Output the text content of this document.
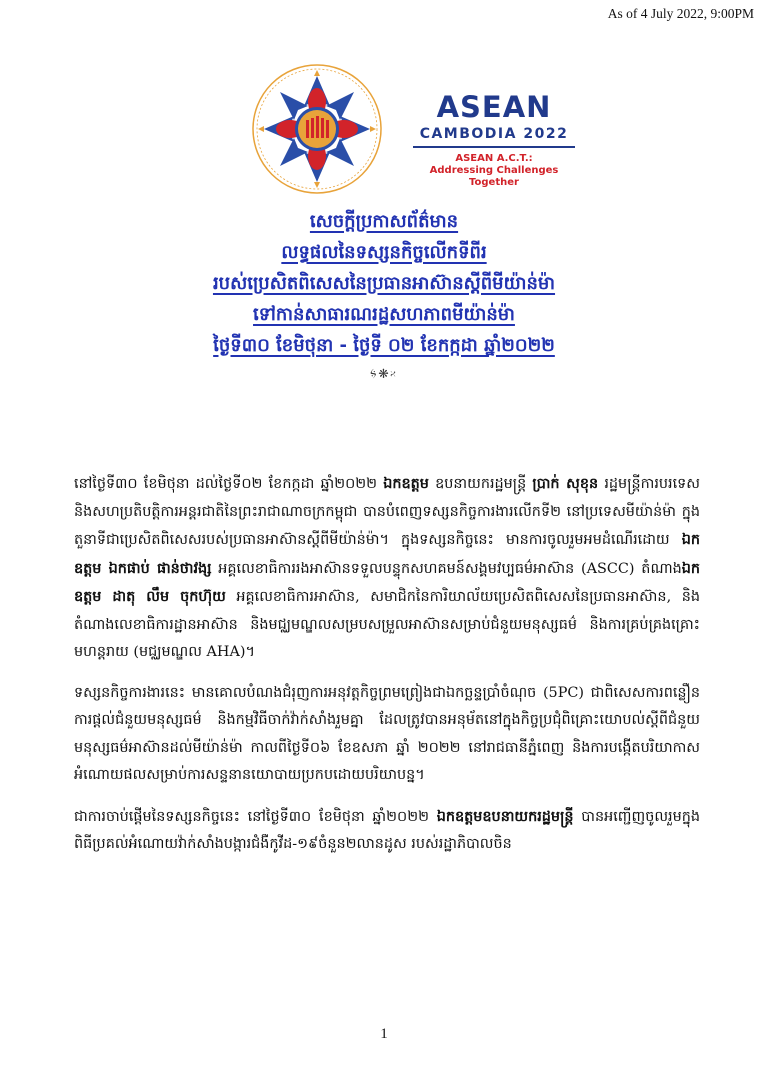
As of 4 July 2022, 9:00PM
ASEAN
CAMBODIA 2022
ASEAN A.C.T.:
Addressing Challenges Together
សេចក្តីប្រកាសព័ត៌មាន
លទ្ធផលនៃទស្សនកិច្ចលើកទីពីរ
របស់ប្រេសិតពិសេសនៃប្រធានអាស៊ានស្តីពីមីយ៉ាន់ម៉ា
ទៅកាន់សាធារណរដ្ឋសហភាពមីយ៉ាន់ម៉ា
ថ្ងៃទី៣០ ខែមិថុនា - ថ្ងៃទី ០២ ខែកក្កដា ឆ្នាំ២០២២
ᳱ❋ᳲ

នៅថ្ងៃទី៣០ ខែមិថុនា ដល់ថ្ងៃទី០២ ខែកក្កដា ឆ្នាំ២០២២ ឯកឧត្តម ឧបនាយករដ្ឋមន្ត្រី ប្រាក់ សុខុន រដ្ឋមន្ត្រីការបរទេស និងសហប្រតិបត្តិការអន្តរជាតិនៃព្រះរាជាណាចក្រកម្ពុជា បានបំពេញទស្សនកិច្ចការងារលើកទី២ នៅប្រទេសមីយ៉ាន់ម៉ា ក្នុងតួនាទីជាប្រេសិតពិសេសរបស់ប្រធានអាស៊ានស្តីពីមីយ៉ាន់ម៉ា។ ក្នុងទស្សនកិច្ចនេះ មានការចូលរួមអមដំណើរដោយ ឯកឧត្តម ឯកផាប់ ផាន់ថាវង្ស អគ្គលេខាធិការរងអាស៊ានទទួលបន្ទុកសហគមន៍សង្គមវប្បធម៌អាស៊ាន (ASCC) តំណាងឯកឧត្តម ដាតុ លឹម ចុកហ៊ុយ អគ្គលេខាធិការអាស៊ាន, សមាជិកនៃការិយាល័យប្រេសិតពិសេសនៃប្រធានអាស៊ាន, និងតំណាងលេខាធិការដ្ឋានអាស៊ាន និងមជ្ឈមណ្ឌលសម្របសម្រួលអាស៊ានសម្រាប់ជំនួយមនុស្សធម៌ និងការគ្រប់គ្រងគ្រោះមហន្តរាយ (មជ្ឈមណ្ឌល AHA)។

ទស្សនកិច្ចការងារនេះ មានគោលបំណងជំរុញការអនុវត្តកិច្ចព្រមព្រៀងជាឯកច្ឆន្ទប្រាំចំណុច (5PC) ជាពិសេសការពន្លឿនការផ្តល់ជំនួយមនុស្សធម៌ និងកម្មវិធីចាក់វ៉ាក់សាំងរួមគ្នា ដែលត្រូវបានអនុម័តនៅក្នុងកិច្ចប្រជុំពិគ្រោះយោបល់ស្តីពីជំនួយមនុស្សធម៌អាស៊ានដល់មីយ៉ាន់ម៉ា កាលពីថ្ងៃទី០៦ ខែឧសភា ឆ្នាំ ២០២២ នៅរាជធានីភ្នំពេញ និងការបង្កើតបរិយាកាសអំណោយផលសម្រាប់ការសន្ទនានយោបាយប្រកបដោយបរិយាបន្ន។

ជាការចាប់ផ្តើមនៃទស្សនកិច្ចនេះ នៅថ្ងៃទី៣០ ខែមិថុនា ឆ្នាំ២០២២ ឯកឧត្តមឧបនាយករដ្ឋមន្ត្រី បានអញ្ជើញចូលរួមក្នុងពិធីប្រគល់អំណោយវ៉ាក់សាំងបង្ការជំងឺកូវីដ-១៩ចំនួន២លានដូស របស់រដ្ឋាភិបាលចិន

1
